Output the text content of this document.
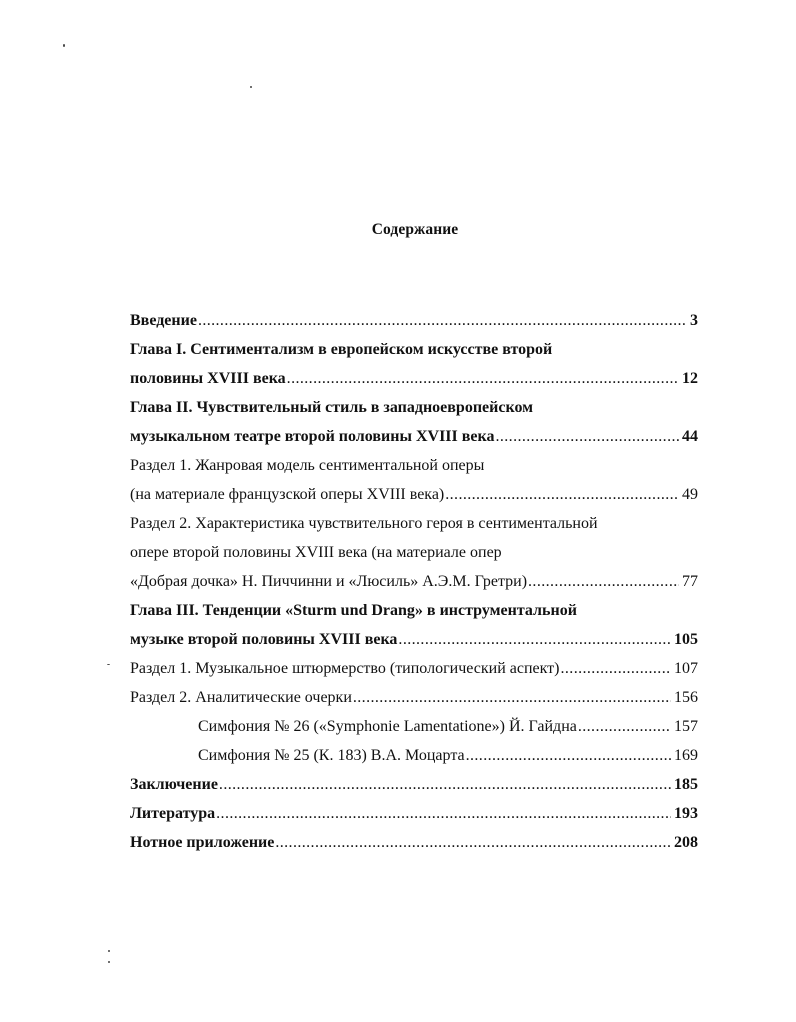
Содержание
Введение .....	3
Глава I. Сентиментализм в европейском искусстве второй
половины XVIII века .....	12
Глава II. Чувствительный стиль в западноевропейском
музыкальном театре второй половины XVIII века .....	44
Раздел 1. Жанровая модель сентиментальной оперы
(на материале французской оперы XVIII века) .....	49
Раздел 2. Характеристика чувствительного героя в сентиментальной
опере второй половины XVIII века (на материале опер
«Добрая дочка» Н. Пиччинни и «Люсиль» А.Э.М. Гретри) .....	77
Глава III. Тенденции «Sturm und Drang» в инструментальной
музыке второй половины XVIII века .....	105
Раздел 1. Музыкальное штюрмерство (типологический аспект) .....	107
Раздел 2. Аналитические очерки .....	156
Симфония № 26 («Symphonie Lamentatione») Й. Гайдна .....	157
Симфония № 25 (К. 183) В.А. Моцарта .....	169
Заключение .....	185
Литература .....	193
Нотное приложение .....	208
